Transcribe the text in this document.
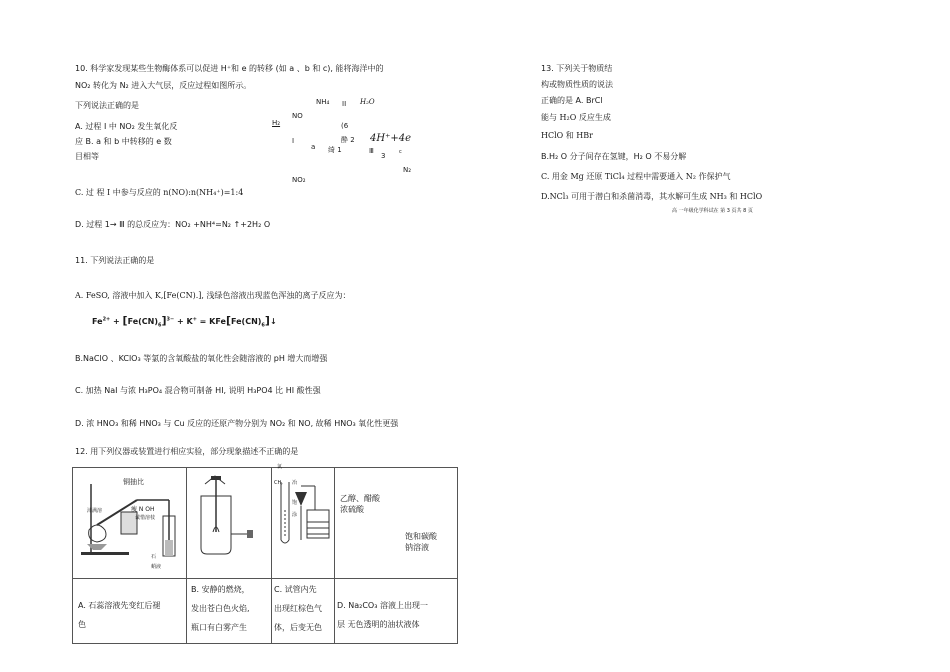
10. 科学家发现某些生物酶体系可以促进 H⁺和 e 的转移 (如 a 、b 和 c), 能将海洋中的
NO₂ 转化为 N₂ 进入大气层，反应过程如图所示。
下列说法正确的是
A. 过程 Ⅰ 中 NO₂ 发生氧化反
应 B. a 和 b 中转移的 e 数
目相等
C. 过 程 Ⅰ 中参与反应的 n(NO):n(NH₄⁺)=1:4
D. 过程 1→ Ⅲ 的总反应为：NO₂ +NH⁴=N₂ ↑+2H₂ O
NH₄ ІІ H₂O
NO
H₂	(6
Ⅰ
a
酔 2 4H⁺+4e
绮 1	Ⅲ
3	c
NO₂
N₂
11. 下列说法正确的是
A. FeSO, 溶液中加入 K,[Fe(CN).], 浅绿色溶液出现蓝色浑浊的离子反应为：
$Fe^{2+} + [Fe(CN)_6]^{3-} + K^+$ = $KFe[Fe(CN)_6]↓$
B.NaClO 、KClO₃ 等氯的含氧酸盐的氧化性会随溶液的 pH 增大而增强
C. 加热 NaI 与浓 H₃PO₄ 混合物可制备 HI, 说明 H₃PO4 比 HI 酸性强
D. 浓 HNO₃ 和稀 HNO₃ 与 Cu 反应的还原产物分别为 NO₂ 和 NO, 故稀 HNO₃ 氧化性更强
12. 用下列仪器或装置进行相应实验，部分现象描述不正确的是
铜抽比
瘦 N OH
诚惜溶枝
沛满溶
石
蛸液
氯
CH, 冶
饱
涂
乙醇、醋酸
浓硫酸
饱和碳酸
钠溶液
A. 石蕊溶液先变红后褪
色
B. 安静的燃烧，
发出苍白色火焰,
瓶口有白雾产生
C. 试管内先
出现红棕色气
体，后变无色
D. Na₂CO₃ 溶液上出现一
层 无色透明的油状液体
13. 下列关于物质结
构或物质性质的说法
正确的是 A. BrCl
能与 H₂O 反应生成
HClO 和 HBr
B.H₂ O 分子间存在氢键，H₂ O 不易分解
C. 用金 Mg 还原 TiCl₄ 过程中需要通入 N₂ 作保护气
D.NCl₃ 可用于潜白和杀菌消毒，其水解可生成 NH₃ 和 HClO
高 一年级化学科试在 第 3 页共 8 页
